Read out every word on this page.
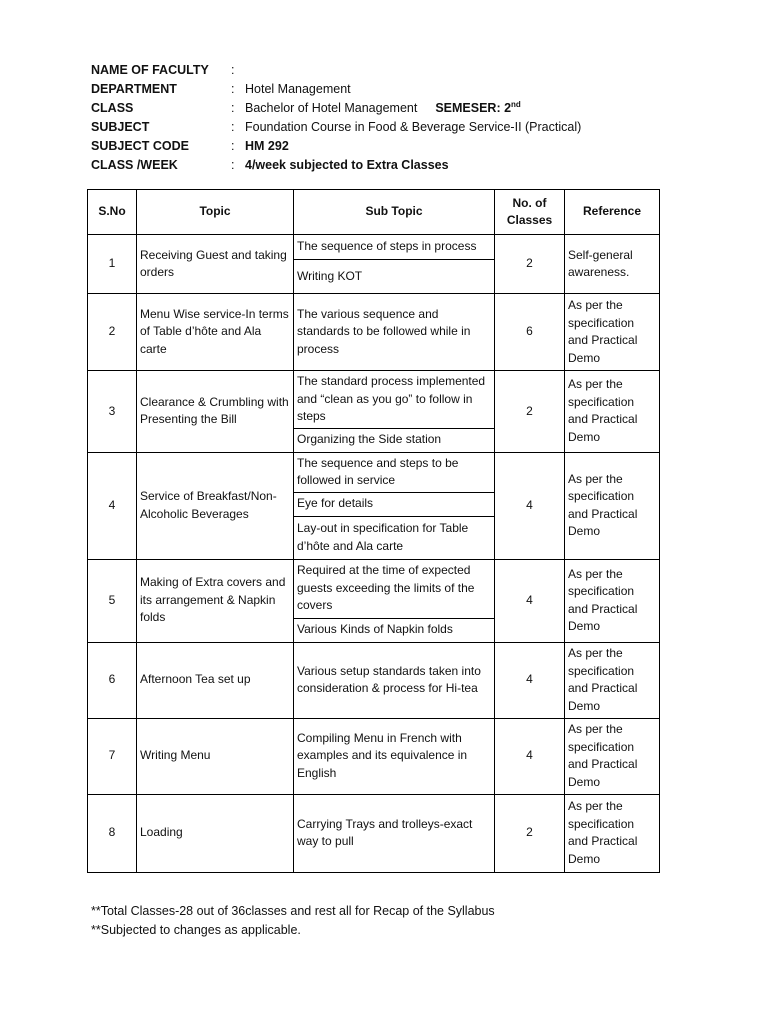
NAME OF FACULTY	:
DEPARTMENT	: Hotel Management
CLASS	: Bachelor of Hotel Management SEMESER: 2nd
SUBJECT	: Foundation Course in Food & Beverage Service-II (Practical)
SUBJECT CODE	: HM 292
CLASS /WEEK	: 4/week subjected to Extra Classes
S.No	Topic	Sub Topic	No. of Classes	Reference
1	Receiving Guest and taking orders	The sequence of steps in process	2	Self-general awareness.
		Writing KOT		
2	Menu Wise service-In terms of Table d’hôte and Ala carte	The various sequence and standards to be followed while in process	6	As per the specification and Practical Demo
3	Clearance & Crumbling with Presenting the Bill	The standard process implemented and “clean as you go” to follow in steps	2	As per the specification and Practical Demo
		Organizing the Side station		
4	Service of Breakfast/Non-Alcoholic Beverages	The sequence and steps to be followed in service	4	As per the specification and Practical Demo
		Eye for details		
		Lay-out in specification for Table d’hôte and Ala carte		
5	Making of Extra covers and its arrangement & Napkin folds	Required at the time of expected guests exceeding the limits of the covers	4	As per the specification and Practical Demo
		Various Kinds of Napkin folds		
6	Afternoon Tea set up	Various setup standards taken into consideration & process for Hi-tea	4	As per the specification and Practical Demo
7	Writing Menu	Compiling Menu in French with examples and its equivalence in English	4	As per the specification and Practical Demo
8	Loading	Carrying Trays and trolleys-exact way to pull	2	As per the specification and Practical Demo
**Total Classes-28 out of 36classes and rest all for Recap of the Syllabus
**Subjected to changes as applicable.
